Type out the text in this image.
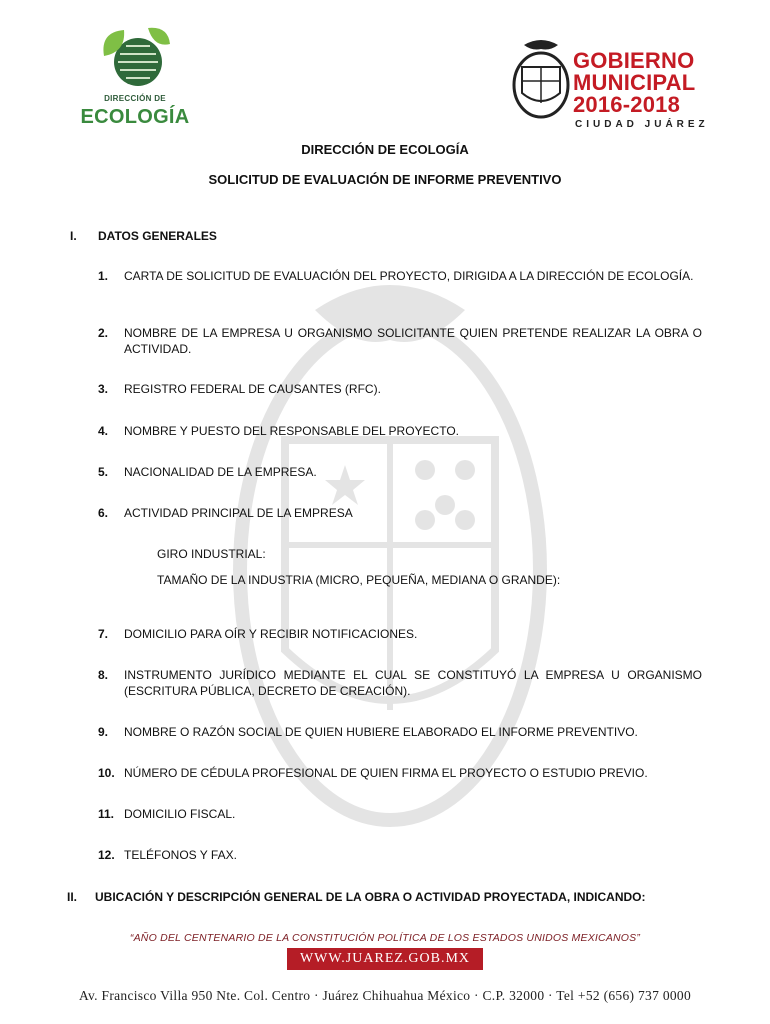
DIRECCIÓN DE
ECOLOGÍA
GOBIERNO
MUNICIPAL
2016-2018
CIUDAD JUÁREZ
DIRECCIÓN DE ECOLOGÍA
SOLICITUD DE EVALUACIÓN DE INFORME PREVENTIVO
I. DATOS GENERALES
1. CARTA DE SOLICITUD DE EVALUACIÓN DEL PROYECTO, DIRIGIDA A LA DIRECCIÓN DE ECOLOGÍA.
2. NOMBRE DE LA EMPRESA U ORGANISMO SOLICITANTE QUIEN PRETENDE REALIZAR LA OBRA O ACTIVIDAD.
3. REGISTRO FEDERAL DE CAUSANTES (RFC).
4. NOMBRE Y PUESTO DEL RESPONSABLE DEL PROYECTO.
5. NACIONALIDAD DE LA EMPRESA.
6. ACTIVIDAD PRINCIPAL DE LA EMPRESA
GIRO INDUSTRIAL:
TAMAÑO DE LA INDUSTRIA (MICRO, PEQUEÑA, MEDIANA O GRANDE):
7. DOMICILIO PARA OÍR Y RECIBIR NOTIFICACIONES.
8. INSTRUMENTO JURÍDICO MEDIANTE EL CUAL SE CONSTITUYÓ LA EMPRESA U ORGANISMO (ESCRITURA PÚBLICA, DECRETO DE CREACIÓN).
9. NOMBRE O RAZÓN SOCIAL DE QUIEN HUBIERE ELABORADO EL INFORME PREVENTIVO.
10. NÚMERO DE CÉDULA PROFESIONAL DE QUIEN FIRMA EL PROYECTO O ESTUDIO PREVIO.
11. DOMICILIO FISCAL.
12. TELÉFONOS Y FAX.
II. UBICACIÓN Y DESCRIPCIÓN GENERAL DE LA OBRA O ACTIVIDAD PROYECTADA, INDICANDO:
“AÑO DEL CENTENARIO DE LA CONSTITUCIÓN POLÍTICA DE LOS ESTADOS UNIDOS MEXICANOS”
WWW.JUAREZ.GOB.MX
Av. Francisco Villa 950 Nte. Col. Centro · Juárez Chihuahua México · C.P. 32000 · Tel +52 (656) 737 0000
